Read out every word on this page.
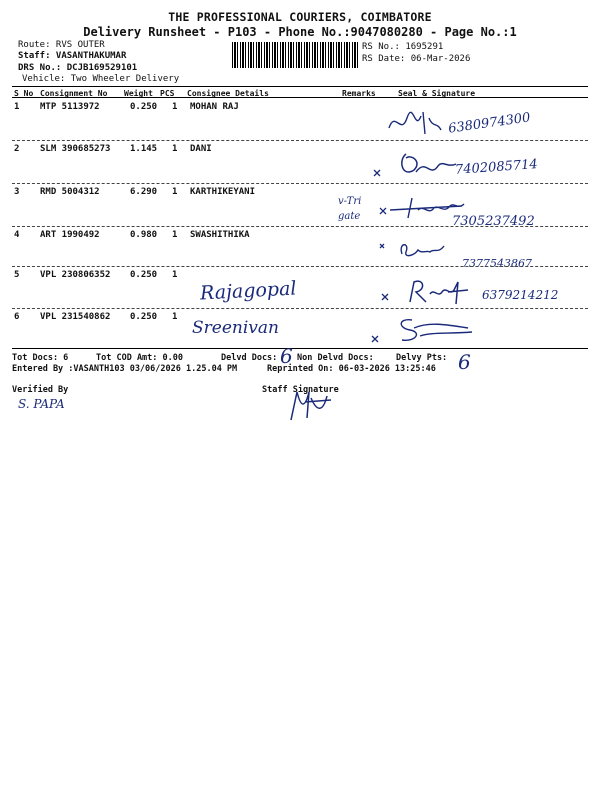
THE PROFESSIONAL COURIERS, COIMBATORE
Delivery Runsheet - P103 - Phone No.:9047080280 - Page No.:1
Route: RVS OUTER
Staff: VASANTHAKUMAR
DRS No.: DCJB169529101
Vehicle: Two Wheeler Delivery
RS No.: 1695291
RS Date: 06-Mar-2026
S No Consignment No Weight PCS Consignee Details	Remarks	Seal & Signature
1 MTP 5113972	0.250 1 MOHAN RAJ
6380974300
2 SLM 390685273 1.145 1 DANI
7402085714
3 RMD 5004312	6.290 1 KARTHIKEYANI
v-Tri gate	7305237492
4 ART 1990492	0.980 1 SWASHITHIKA
7377543867
5 VPL 230806352 0.250 1
Rajagopal	6379214212
6 VPL 231540862 0.250 1
Sreenivan
Tot Docs: 6	Tot COD Amt: 0.00	Delvd Docs: 6 Non Delvd Docs:	Delvy Pts: 6
Entered By :VASANTH103 03/06/2026 1.25.04 PM	Reprinted On: 06-03-2026 13:25:46
Verified By
S. PAPA
Staff Signature
